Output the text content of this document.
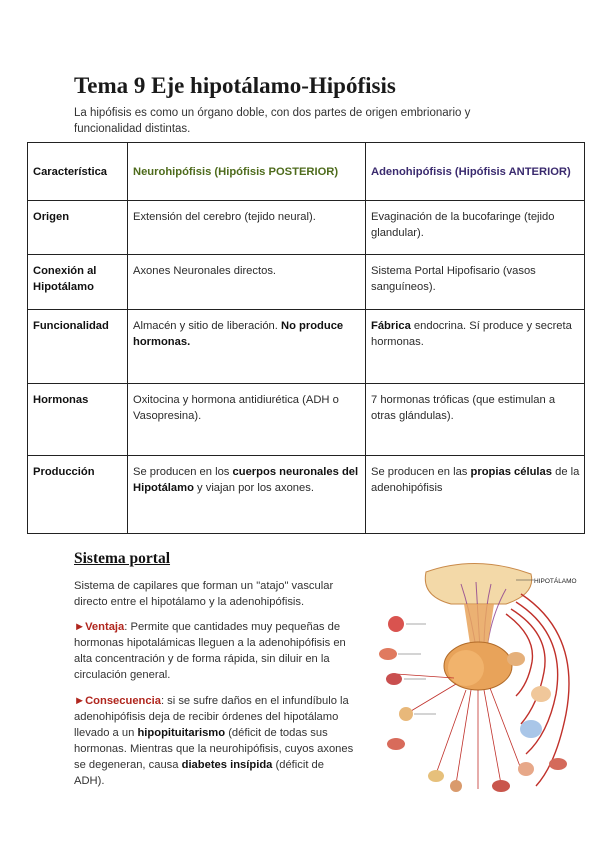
Tema 9 Eje hipotálamo-Hipófisis
La hipófisis es como un órgano doble, con dos partes de origen embrionario y funcionalidad distintas.
Característica	Neurohipófisis (Hipófisis POSTERIOR)	Adenohipófisis (Hipófisis ANTERIOR)
Origen	Extensión del cerebro (tejido neural).	Evaginación de la bucofaringe (tejido glandular).
Conexión al Hipotálamo	Axones Neuronales directos.	Sistema Portal Hipofisario (vasos sanguíneos).
Funcionalidad	Almacén y sitio de liberación. No produce hormonas.	Fábrica endocrina. Sí produce y secreta hormonas.
Hormonas	Oxitocina y hormona antidiurética (ADH o Vasopresina).	7 hormonas tróficas (que estimulan a otras glándulas).
Producción	Se producen en los cuerpos neuronales del Hipotálamo y viajan por los axones.	Se producen en las propias células de la adenohipófisis
Sistema portal
Sistema de capilares que forman un "atajo" vascular directo entre el hipotálamo y la adenohipófisis.
►Ventaja: Permite que cantidades muy pequeñas de hormonas hipotalámicas lleguen a la adenohipófisis en alta concentración y de forma rápida, sin diluir en la circulación general.
►Consecuencia: si se sufre daños en el infundíbulo la adenohipófisis deja de recibir órdenes del hipotálamo llevado a un hipopituitarismo (déficit de todas sus hormonas. Mientras que la neurohipófisis, cuyos axones se degeneran, causa diabetes insípida (déficit de ADH).
HIPOTÁLAMO
